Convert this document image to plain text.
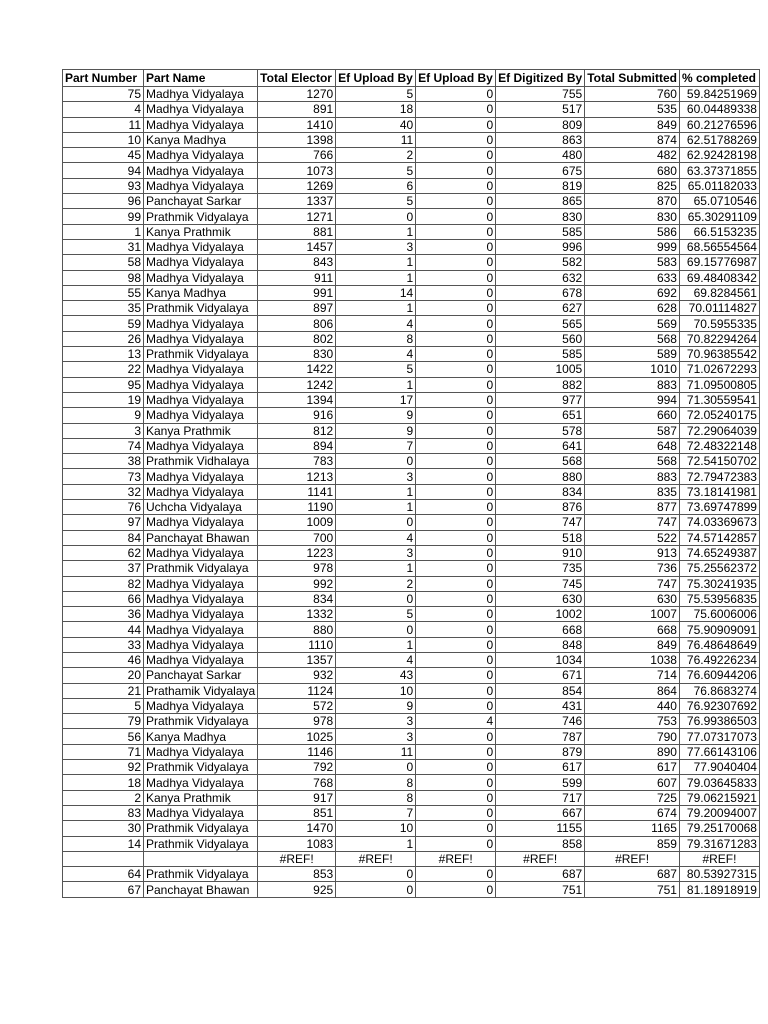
Part Number	Part Name	Total Elector	Ef Upload By	Ef Upload By	Ef Digitized By	Total Submitted	% completed
75	Madhya Vidyalaya	1270	5	0	755	760	59.84251969
4	Madhya Vidyalaya	891	18	0	517	535	60.04489338
11	Madhya Vidyalaya	1410	40	0	809	849	60.21276596
10	Kanya Madhya	1398	11	0	863	874	62.51788269
45	Madhya Vidyalaya	766	2	0	480	482	62.92428198
94	Madhya Vidyalaya	1073	5	0	675	680	63.37371855
93	Madhya Vidyalaya	1269	6	0	819	825	65.01182033
96	Panchayat Sarkar	1337	5	0	865	870	65.0710546
99	Prathmik Vidyalaya	1271	0	0	830	830	65.30291109
1	Kanya Prathmik	881	1	0	585	586	66.5153235
31	Madhya Vidyalaya	1457	3	0	996	999	68.56554564
58	Madhya Vidyalaya	843	1	0	582	583	69.15776987
98	Madhya Vidyalaya	911	1	0	632	633	69.48408342
55	Kanya Madhya	991	14	0	678	692	69.8284561
35	Prathmik Vidyalaya	897	1	0	627	628	70.01114827
59	Madhya Vidyalaya	806	4	0	565	569	70.5955335
26	Madhya Vidyalaya	802	8	0	560	568	70.82294264
13	Prathmik Vidyalaya	830	4	0	585	589	70.96385542
22	Madhya Vidyalaya	1422	5	0	1005	1010	71.02672293
95	Madhya Vidyalaya	1242	1	0	882	883	71.09500805
19	Madhya Vidyalaya	1394	17	0	977	994	71.30559541
9	Madhya Vidyalaya	916	9	0	651	660	72.05240175
3	Kanya Prathmik	812	9	0	578	587	72.29064039
74	Madhya Vidyalaya	894	7	0	641	648	72.48322148
38	Prathmik Vidhalaya	783	0	0	568	568	72.54150702
73	Madhya Vidyalaya	1213	3	0	880	883	72.79472383
32	Madhya Vidyalaya	1141	1	0	834	835	73.18141981
76	Uchcha Vidyalaya	1190	1	0	876	877	73.69747899
97	Madhya Vidyalaya	1009	0	0	747	747	74.03369673
84	Panchayat Bhawan	700	4	0	518	522	74.57142857
62	Madhya Vidyalaya	1223	3	0	910	913	74.65249387
37	Prathmik Vidyalaya	978	1	0	735	736	75.25562372
82	Madhya Vidyalaya	992	2	0	745	747	75.30241935
66	Madhya Vidyalaya	834	0	0	630	630	75.53956835
36	Madhya Vidyalaya	1332	5	0	1002	1007	75.6006006
44	Madhya Vidyalaya	880	0	0	668	668	75.90909091
33	Madhya Vidyalaya	1110	1	0	848	849	76.48648649
46	Madhya Vidyalaya	1357	4	0	1034	1038	76.49226234
20	Panchayat Sarkar	932	43	0	671	714	76.60944206
21	Prathamik Vidyalaya	1124	10	0	854	864	76.8683274
5	Madhya Vidyalaya	572	9	0	431	440	76.92307692
79	Prathmik Vidyalaya	978	3	4	746	753	76.99386503
56	Kanya Madhya	1025	3	0	787	790	77.07317073
71	Madhya Vidyalaya	1146	11	0	879	890	77.66143106
92	Prathmik Vidyalaya	792	0	0	617	617	77.9040404
18	Madhya Vidyalaya	768	8	0	599	607	79.03645833
2	Kanya Prathmik	917	8	0	717	725	79.06215921
83	Madhya Vidyalaya	851	7	0	667	674	79.20094007
30	Prathmik Vidyalaya	1470	10	0	1155	1165	79.25170068
14	Prathmik Vidyalaya	1083	1	0	858	859	79.31671283
		#REF!	#REF!	#REF!	#REF!	#REF!	#REF!
64	Prathmik Vidyalaya	853	0	0	687	687	80.53927315
67	Panchayat Bhawan	925	0	0	751	751	81.18918919
